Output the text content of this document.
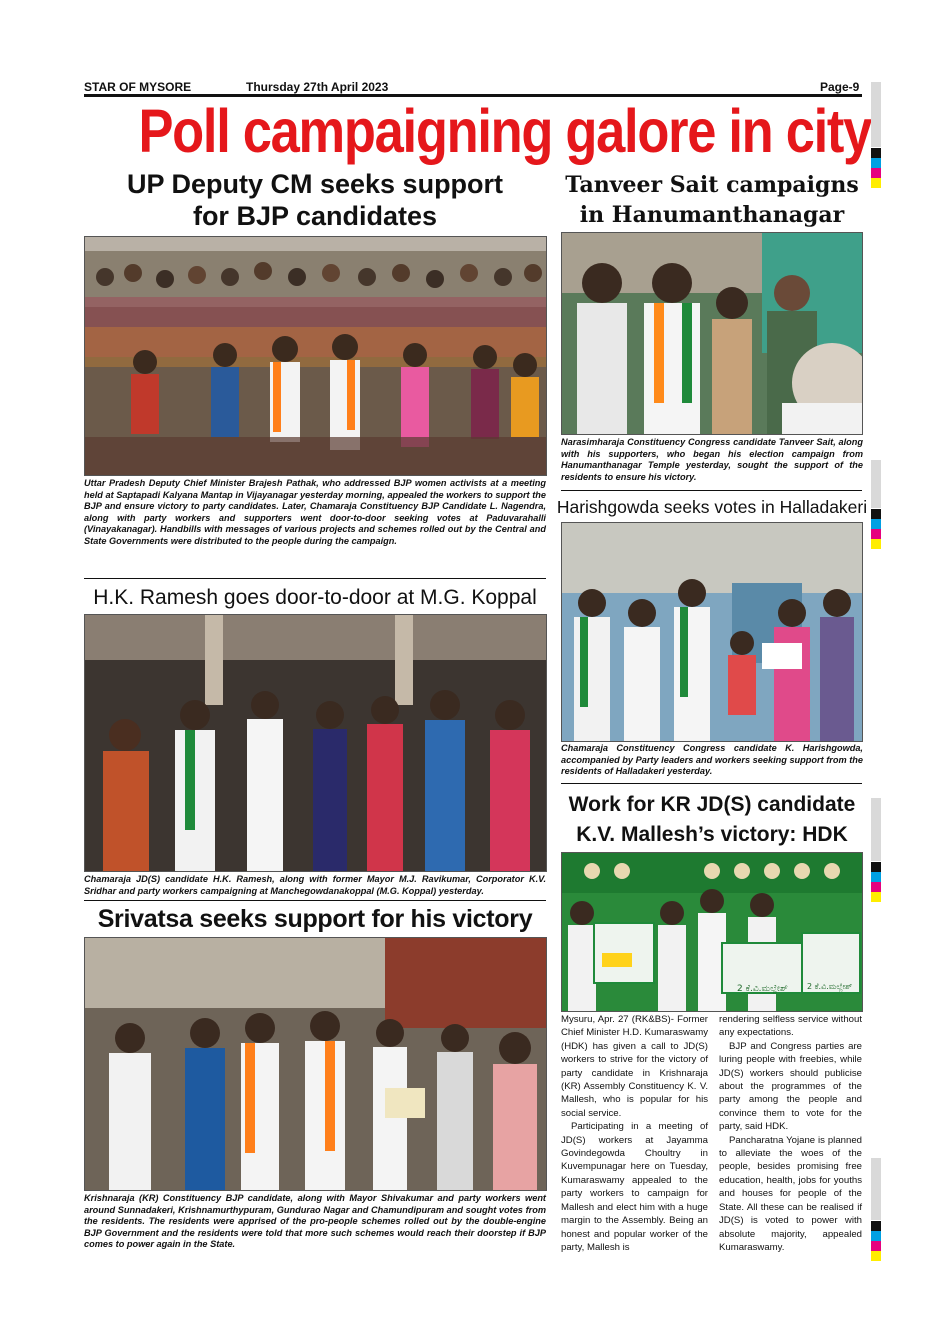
STAR OF MYSORE	Thursday 27th April 2023	Page-9
Poll campaigning galore in city
UP Deputy CM seeks support
for BJP candidates
Uttar Pradesh Deputy Chief Minister Brajesh Pathak, who addressed BJP women activists at a meeting held at Saptapadi Kalyana Mantap in Vijayanagar yesterday morning, appealed the workers to support the BJP and ensure victory to party candidates. Later, Chamaraja Constituency BJP Candidate L. Nagendra, along with party workers and supporters went door-to-door seeking votes at Paduvarahalli (Vinayakanagar). Handbills with messages of various projects and schemes rolled out by the Central and State Governments were distributed to the people during the campaign.
H.K. Ramesh goes door-to-door at M.G. Koppal
Chamaraja JD(S) candidate H.K. Ramesh, along with former Mayor M.J. Ravikumar, Corporator K.V. Sridhar and party workers campaigning at Manchegowdanakoppal (M.G. Koppal) yesterday.
Srivatsa seeks support for his victory
Krishnaraja (KR) Constituency BJP candidate, along with Mayor Shivakumar and party workers went around Sunnadakeri, Krishnamurthypuram, Gundurao Nagar and Chamundipuram and sought votes from the residents. The residents were apprised of the pro-people schemes rolled out by the double-engine BJP Government and the residents were told that more such schemes would reach their doorstep if BJP comes to power again in the State.
Tanveer Sait campaigns
in Hanumanthanagar
Narasimharaja Constituency Congress candidate Tanveer Sait, along with his supporters, who began his election campaign from Hanumanthanagar Temple yesterday, sought the support of the residents to ensure his victory.
Harishgowda seeks votes in Halladakeri
Chamaraja Constituency Congress candidate K. Harishgowda, accompanied by Party leaders and workers seeking support from the residents of Halladakeri yesterday.
Work for KR JD(S) candidate
K.V. Mallesh’s victory: HDK
2 ಕೆ.ವಿ.ಮಲ್ಲೇಶ್ 2 ಕೆ.ವಿ.ಮಲ್ಲೇಶ್

Mysuru, Apr. 27 (RK&BS)- Former Chief Minister H.D. Kumaraswamy (HDK) has given a call to JD(S) workers to strive for the victory of party candidate in Krishnaraja (KR) Assembly Constituency K. V. Mallesh, who is popular for his social service.

Participating in a meeting of JD(S) workers at Jayamma Govindegowda Choultry in Kuvempunagar here on Tuesday, Kumaraswamy appealed to the party workers to campaign for Mallesh and elect him with a huge margin to the Assembly. Being an honest and popular worker of the party, Mallesh is

rendering selfless service without any expectations.

BJP and Congress parties are luring people with freebies, while JD(S) workers should publicise about the programmes of the party among the people and convince them to vote for the party, said HDK.

Pancharatna Yojane is planned to alleviate the woes of the people, besides promising free education, health, jobs for youths and houses for people of the State. All these can be realised if JD(S) is voted to power with absolute majority, appealed Kumaraswamy.
